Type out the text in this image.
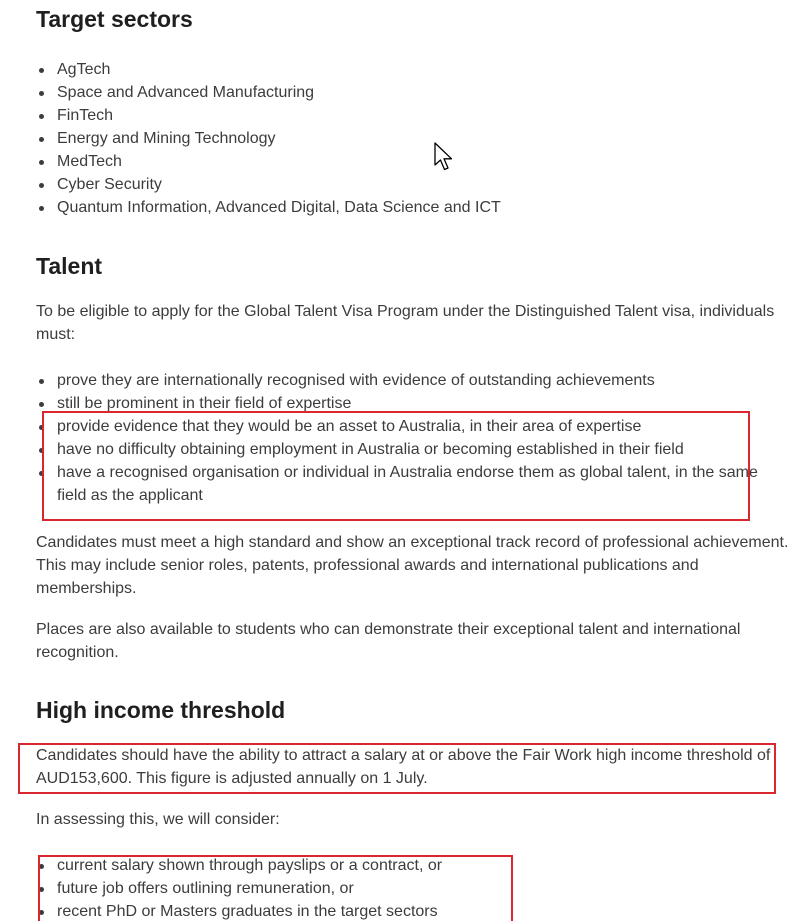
Target sectors
AgTech
Space and Advanced Manufacturing
FinTech
Energy and Mining Technology
MedTech
Cyber Security
Quantum Information, Advanced Digital, Data Science and ICT
Talent

To be eligible to apply for the Global Talent Visa Program under the Distinguished Talent visa, individuals must:

prove they are internationally recognised with evidence of outstanding achievements
still be prominent in their field of expertise
provide evidence that they would be an asset to Australia, in their area of expertise
have no difficulty obtaining employment in Australia or becoming established in their field
have a recognised organisation or individual in Australia endorse them as global talent, in the same field as the applicant

Candidates must meet a high standard and show an exceptional track record of professional achievement. This may include senior roles, patents, professional awards and international publications and memberships.

Places are also available to students who can demonstrate their exceptional talent and international recognition.

High income threshold

Candidates should have the ability to attract a salary at or above the Fair Work high income threshold of AUD153,600. This figure is adjusted annually on 1 July.

In assessing this, we will consider:

current salary shown through payslips or a contract, or
future job offers outlining remuneration, or
recent PhD or Masters graduates in the target sectors
